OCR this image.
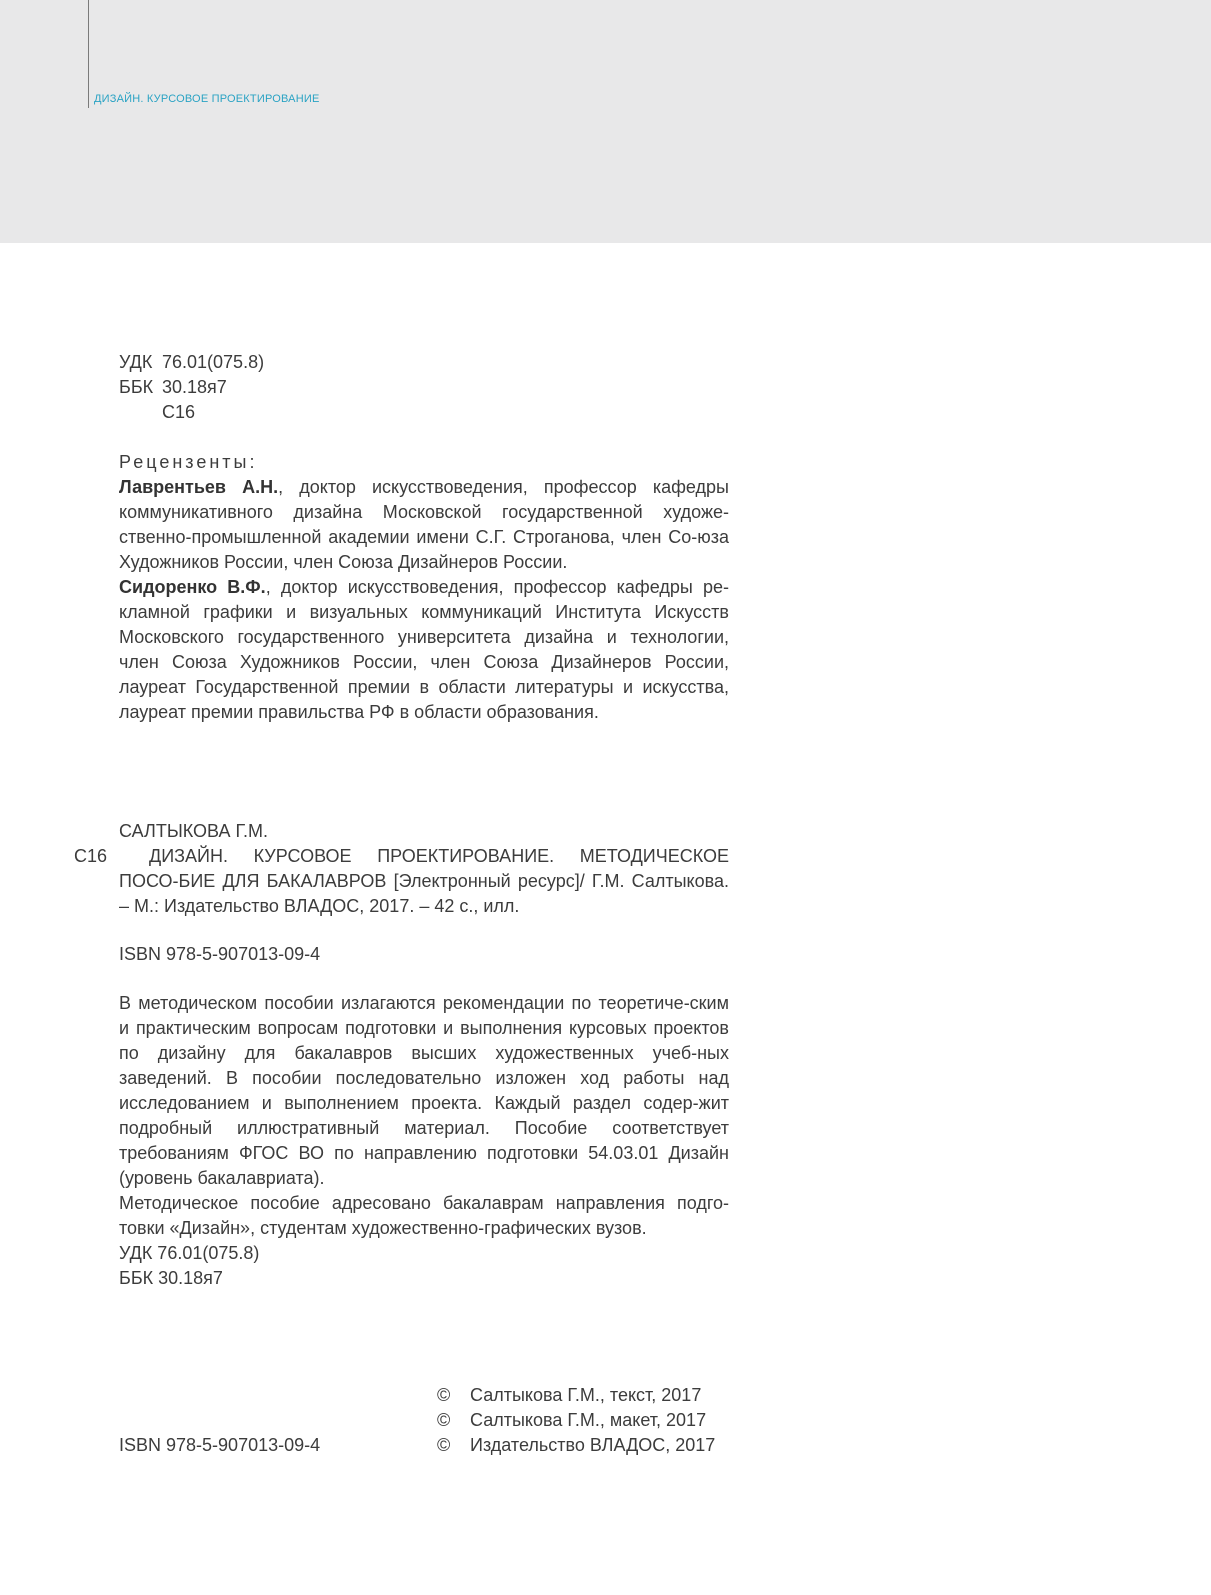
ДИЗАЙН. КУРСОВОЕ ПРОЕКТИРОВАНИЕ
УДК 76.01(075.8)
ББК 30.18я7
С16

Рецензенты:

Лаврентьев А.Н., доктор искусствоведения, профессор кафедры коммуникативного дизайна Московской государственной художе-ственно-промышленной академии имени С.Г. Строганова, член Со-юза Художников России, член Союза Дизайнеров России.

Сидоренко В.Ф., доктор искусствоведения, профессор кафедры ре-кламной графики и визуальных коммуникаций Института Искусств Московского государственного университета дизайна и технологии, член Союза Художников России, член Союза Дизайнеров России, лауреат Государственной премии в области литературы и искусства, лауреат премии правильства РФ в области образования.

САЛТЫКОВА Г.М.
С16	ДИЗАЙН. КУРСОВОЕ ПРОЕКТИРОВАНИЕ. МЕТОДИЧЕСКОЕ ПОСО-БИЕ ДЛЯ БАКАЛАВРОВ [Электронный ресурс]/ Г.М. Салтыкова. – М.: Издательство ВЛАДОС, 2017. – 42 с., илл.

ISBN 978-5-907013-09-4

В методическом пособии излагаются рекомендации по теоретиче-ским и практическим вопросам подготовки и выполнения курсовых проектов по дизайну для бакалавров высших художественных учеб-ных заведений. В пособии последовательно изложен ход работы над исследованием и выполнением проекта. Каждый раздел содер-жит подробный иллюстративный материал. Пособие соответствует требованиям ФГОС ВО по направлению подготовки 54.03.01 Дизайн (уровень бакалавриата).

Методическое пособие адресовано бакалаврам направления подго-товки «Дизайн», студентам художественно-графических вузов.

УДК 76.01(075.8)

ББК 30.18я7

© Салтыкова Г.М., текст, 2017
© Салтыкова Г.М., макет, 2017
© Издательство ВЛАДОС, 2017
ISBN 978-5-907013-09-4
